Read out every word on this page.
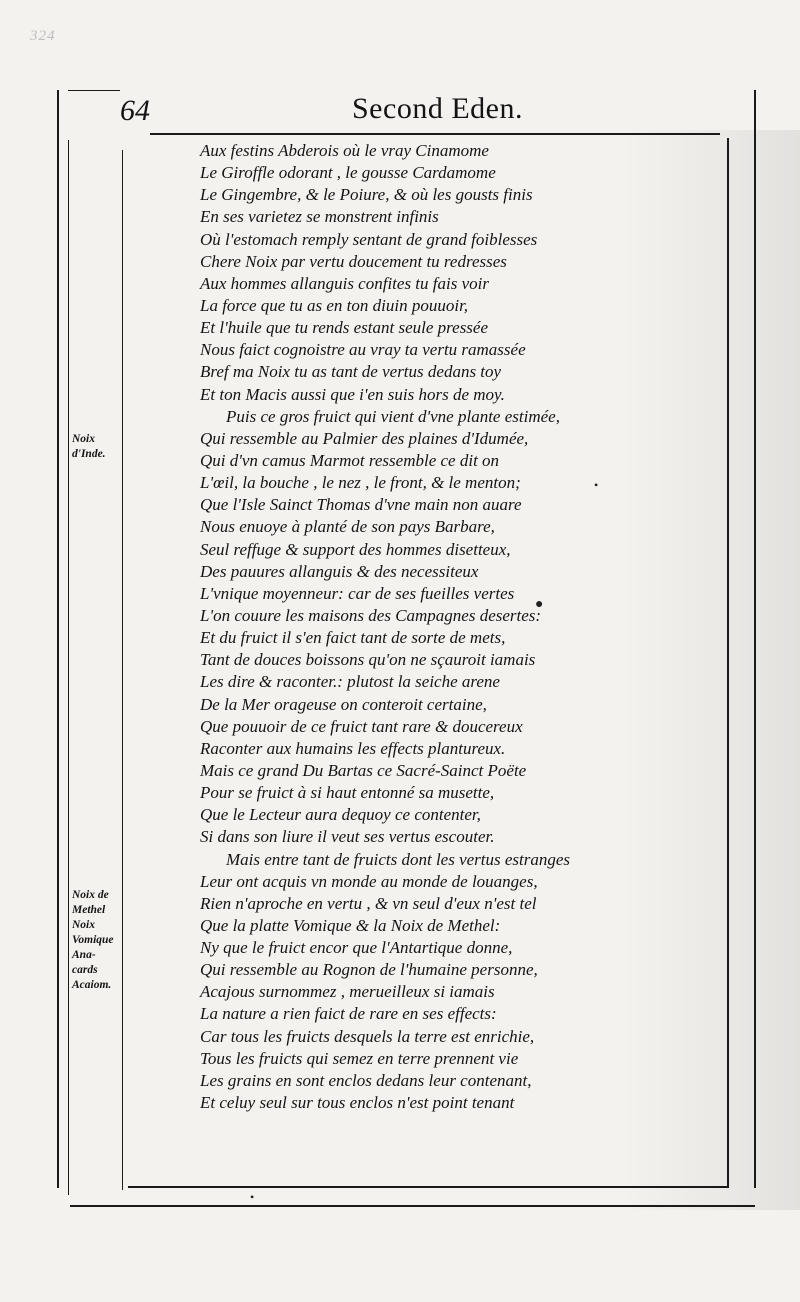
324
64	Second Eden.
Noix
d'Inde.
Noix de
Methel
Noix
Vomique
Ana-
cards
Acaiom.
Aux festins Abderois où le vray Cinamome
Le Giroffle odorant , le gousse Cardamome
Le Gingembre, & le Poiure, & où les gousts finis
En ses variete​z se monstrent infinis
Où l'estomach remply sentant de grand foiblesses
Chere Noix par vertu doucement tu redresses
Aux hommes allanguis confites tu fais voir
La force que tu as en ton diuin pouuoir,
Et l'huile que tu rends estant seule pressée
Nous faict cognoistre au vray ta vertu ramassée
Bref ma Noix tu as tant de vertus dedans toy
Et ton Macis aussi que i'en suis hors de moy.
Puis ce gros fruict qui vient d'vne plante estimée,
Qui ressemble au Palmier des plaines d'Idumée,
Qui d'vn camus Marmot ressemble ce dit on
L'œil, la bouche , le nez , le front, & le menton;
Que l'Isle Sainct Thomas d'vne main non auare
Nous enuoye à planté de son pays Barbare,
Seul reffuge & support des hommes disetteux,
Des pauures allanguis & des necessiteux
L'vnique moyenneur: car de ses fueilles vertes
L'on couure les maisons des Campagnes desertes:
Et du fruict il s'en faict tant de sorte de mets,
Tant de douces boissons qu'on ne sçauroit iamais
Les dire & raconter.: plutost la seiche arene
De la Mer orageuse on conteroit certaine,
Que pouuoir de ce fruict tant rare & doucereux
Raconter aux humains les effects plantureux.
Mais ce grand Du Bartas ce Sacré-Sainct Poëte
Pour se fruict à si haut entonné sa musette,
Que le Lecteur aura dequoy ce contenter,
Si dans son liure il veut ses vertus escouter.
Mais entre tant de fruicts dont les vertus estranges
Leur ont acquis vn monde au monde de louanges,
Rien n'aproche en vertu , & vn seul d'eux n'est tel
Que la platte Vomique & la Noix de Methel:
Ny que le fruict encor que l'Antartique donne,
Qui ressemble au Rognon de l'humaine personne,
Acajous surnommez , merueilleux si iamais
La nature a rien faict de rare en ses effects:
Car tous les fruicts desquels la terre est enrichie,
Tous les fruicts qui semez en terre prennent vie
Les grains en sont enclos dedans leur contenant,
Et celuy seul sur tous enclos n'est point tenant
•
●
•
